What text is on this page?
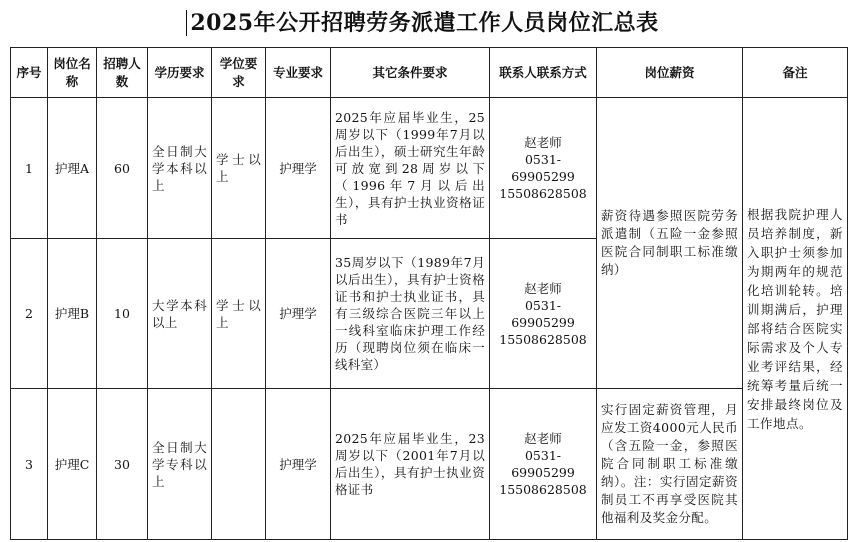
2025年公开招聘劳务派遣工作人员岗位汇总表
序号	岗位名称	招聘人数	学历要求	学位要求	专业要求	其它条件要求	联系人联系方式	岗位薪资	备注
1	护理A	60	全日制大学本科以上	学士以上	护理学	2025年应届毕业生，25周岁以下（1999年7月以后出生），硕士研究生年龄可放宽到28周岁以下（1996年7月以后出生），具有护士执业资格证书	赵老师
0531-69905299
15508628508	薪资待遇参照医院劳务派遣制（五险一金参照医院合同制职工标准缴纳）	根据我院护理人员培养制度，新入职护士须参加为期两年的规范化培训轮转。培训期满后，护理部将结合医院实际需求及个人专业考评结果，经统筹考量后统一安排最终岗位及工作地点。
2	护理B	10	大学本科以上	学士以上	护理学	35周岁以下（1989年7月以后出生），具有护士资格证书和护士执业证书，具有三级综合医院三年以上一线科室临床护理工作经历（现聘岗位须在临床一线科室）	赵老师
0531-69905299
15508628508		

3	护理C	30	全日制大学专科以上		护理学	2025年应届毕业生，23周岁以下（2001年7月以后出生），具有护士执业资格证书	赵老师
0531-69905299
15508628508	实行固定薪资管理，月应发工资4000元人民币（含五险一金，参照医院合同制职工标准缴纳）。注：实行固定薪资制员工不再享受医院其他福利及奖金分配。	
